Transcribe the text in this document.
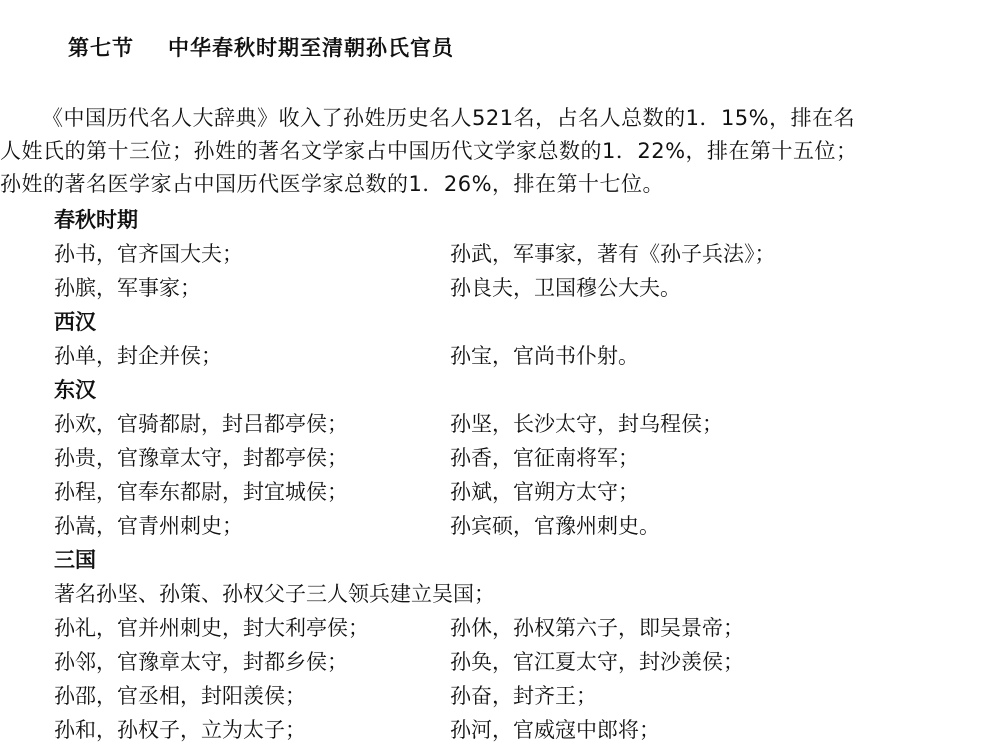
第七节 中华春秋时期至清朝孙氏官员
《中国历代名人大辞典》收入了孙姓历史名人521名，占名人总数的1．15%，排在名
人姓氏的第十三位；孙姓的著名文学家占中国历代文学家总数的1．22%，排在第十五位；
孙姓的著名医学家占中国历代医学家总数的1．26%，排在第十七位。
春秋时期
孙书，官齐国大夫；	孙武，军事家，著有《孙子兵法》；
孙膑，军事家；	孙良夫，卫国穆公大夫。
西汉
孙单，封企并侯；	孙宝，官尚书仆射。
东汉
孙欢，官骑都尉，封吕都亭侯；	孙坚，长沙太守，封乌程侯；
孙贵，官豫章太守，封都亭侯；	孙香，官征南将军；
孙程，官奉东都尉，封宜城侯；	孙斌，官朔方太守；
孙嵩，官青州刺史；	孙宾硕，官豫州刺史。
三国
著名孙坚、孙策、孙权父子三人领兵建立吴国；
孙礼，官并州刺史，封大利亭侯；	孙休，孙权第六子，即吴景帝；
孙邻，官豫章太守，封都乡侯；	孙奂，官江夏太守，封沙羡侯；
孙邵，官丞相，封阳羡侯；	孙奋，封齐王；
孙和，孙权子，立为太子；	孙河，官威寇中郎将；
